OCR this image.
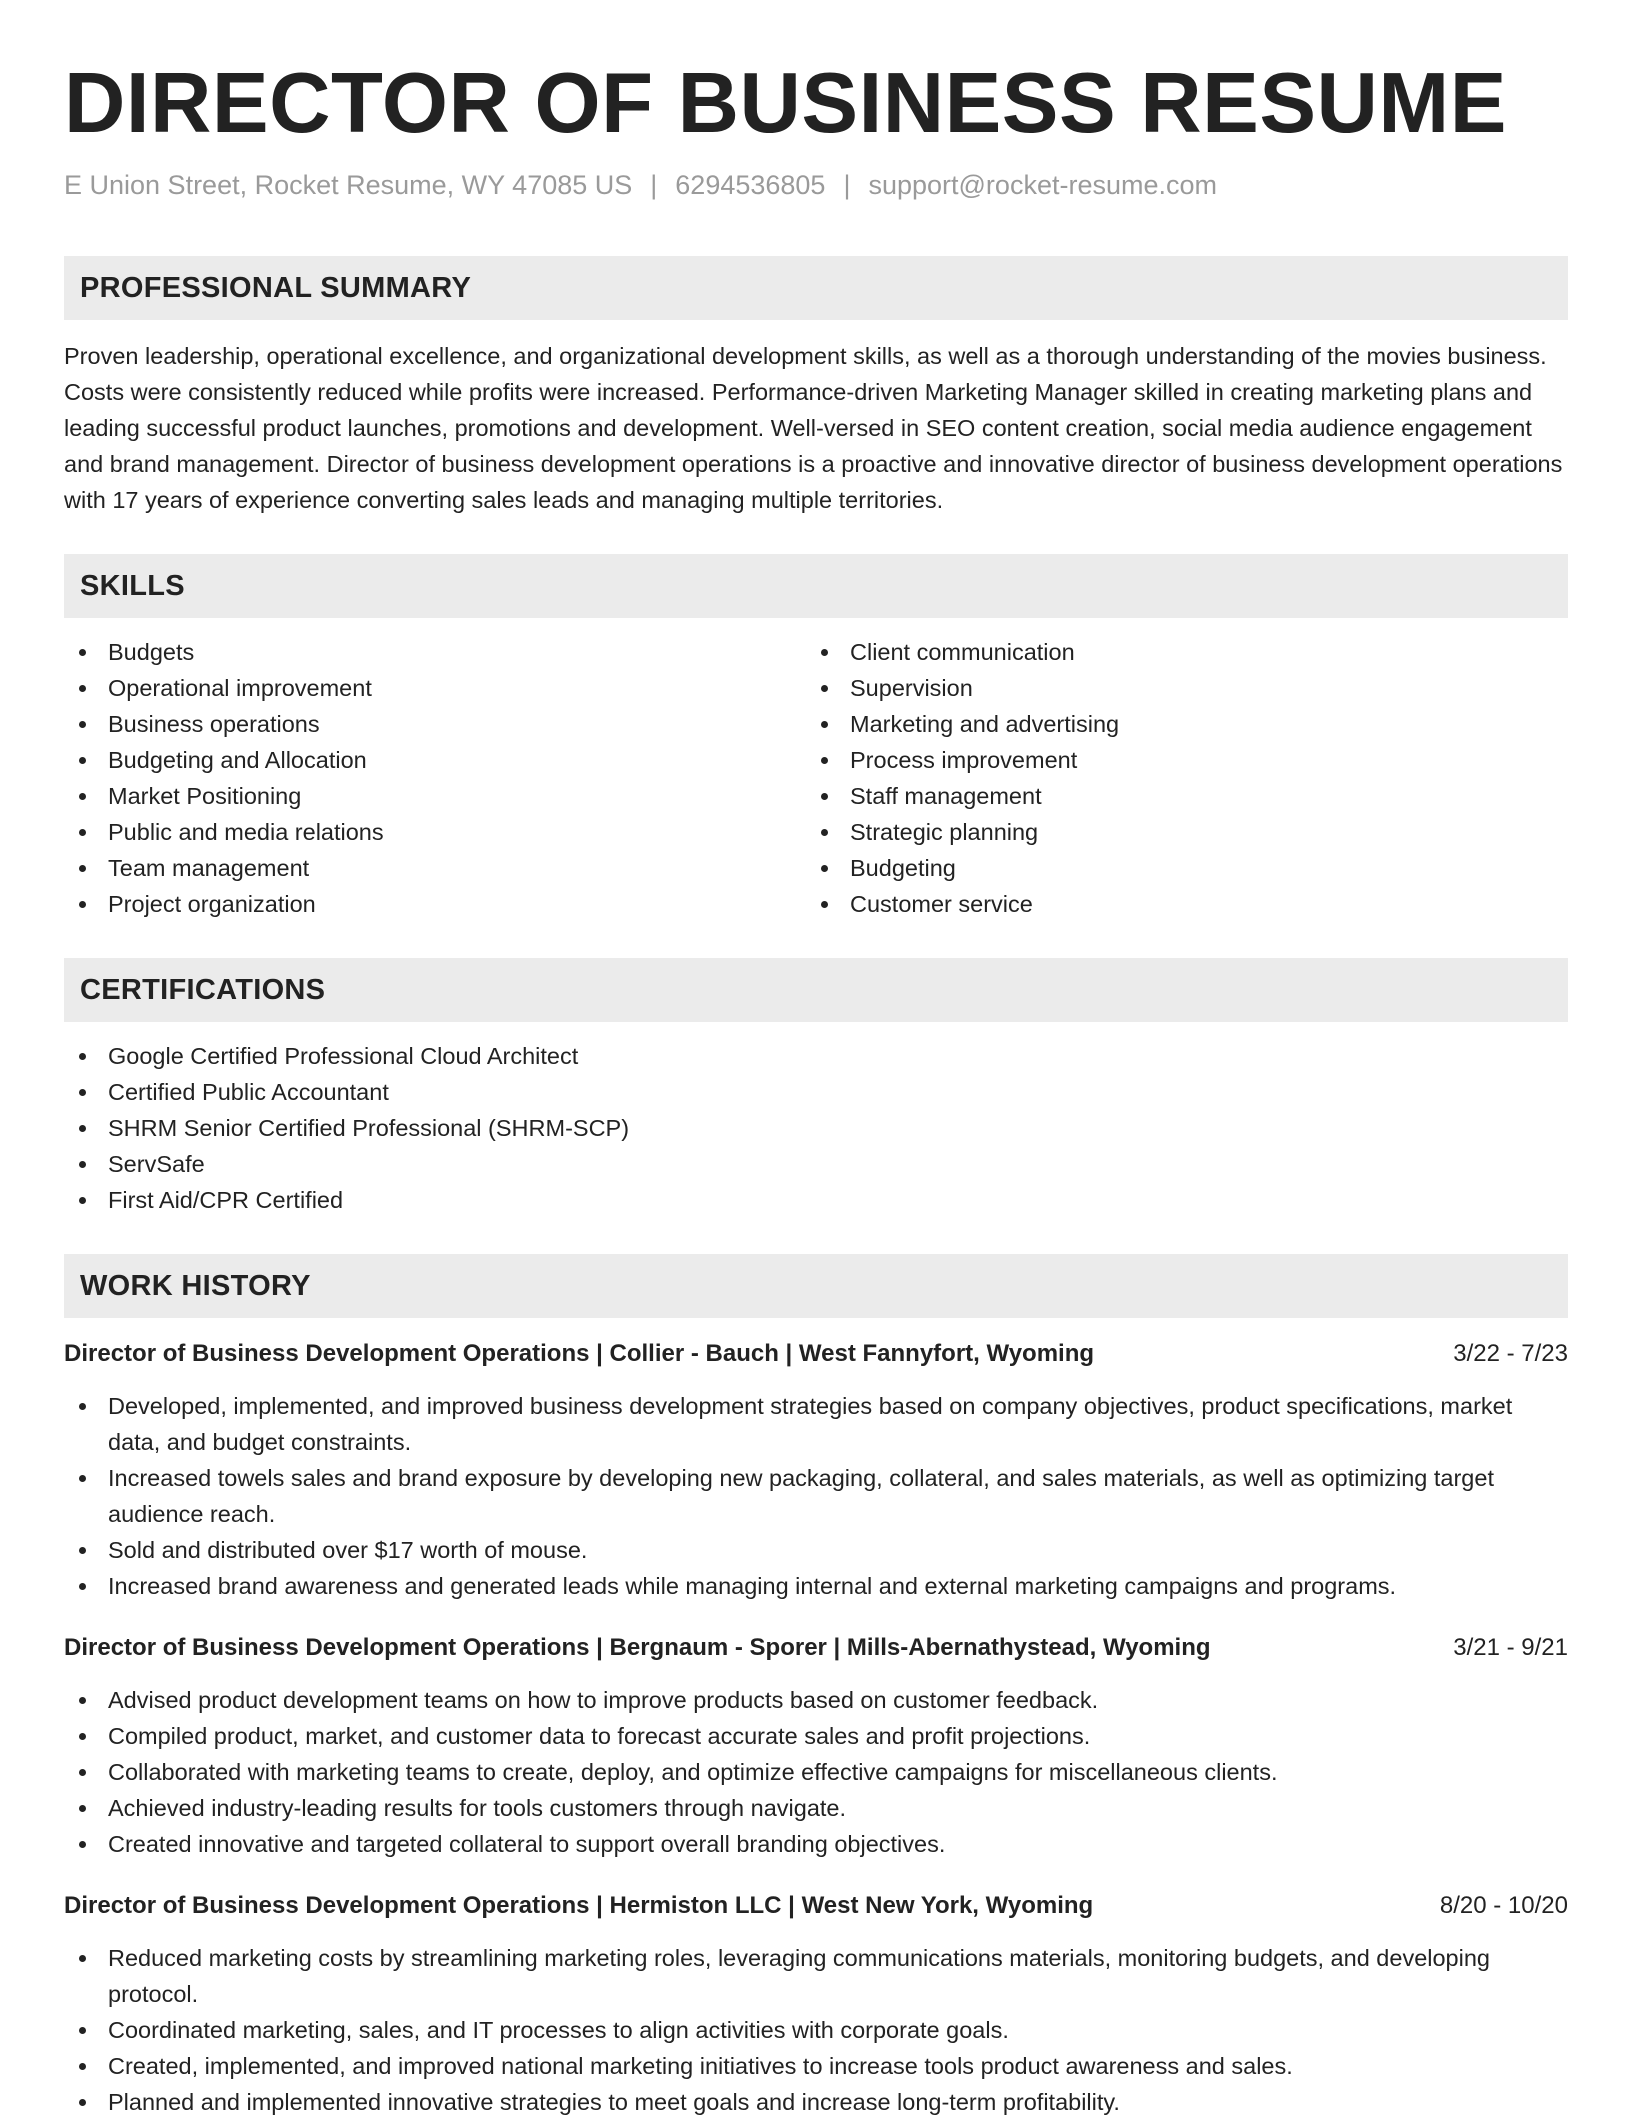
DIRECTOR OF BUSINESS RESUME
E Union Street, Rocket Resume, WY 47085 US | 6294536805 | support@rocket-resume.com
PROFESSIONAL SUMMARY

Proven leadership, operational excellence, and organizational development skills, as well as a thorough understanding of the movies business. Costs were consistently reduced while profits were increased. Performance-driven Marketing Manager skilled in creating marketing plans and leading successful product launches, promotions and development. Well-versed in SEO content creation, social media audience engagement and brand management. Director of business development operations is a proactive and innovative director of business development operations with 17 years of experience converting sales leads and managing multiple territories.

SKILLS
Budgets
Operational improvement
Business operations
Budgeting and Allocation
Market Positioning
Public and media relations
Team management
Project organization
Client communication
Supervision
Marketing and advertising
Process improvement
Staff management
Strategic planning
Budgeting
Customer service
CERTIFICATIONS
Google Certified Professional Cloud Architect
Certified Public Accountant
SHRM Senior Certified Professional (SHRM-SCP)
ServSafe
First Aid/CPR Certified
WORK HISTORY
Director of Business Development Operations | Collier - Bauch | West Fannyfort, Wyoming	3/22 - 7/23
Developed, implemented, and improved business development strategies based on company objectives, product specifications, market data, and budget constraints.
Increased towels sales and brand exposure by developing new packaging, collateral, and sales materials, as well as optimizing target audience reach.
Sold and distributed over $17 worth of mouse.
Increased brand awareness and generated leads while managing internal and external marketing campaigns and programs.
Director of Business Development Operations | Bergnaum - Sporer | Mills-Abernathystead, Wyoming	3/21 - 9/21
Advised product development teams on how to improve products based on customer feedback.
Compiled product, market, and customer data to forecast accurate sales and profit projections.
Collaborated with marketing teams to create, deploy, and optimize effective campaigns for miscellaneous clients.
Achieved industry-leading results for tools customers through navigate.
Created innovative and targeted collateral to support overall branding objectives.
Director of Business Development Operations | Hermiston LLC | West New York, Wyoming	8/20 - 10/20
Reduced marketing costs by streamlining marketing roles, leveraging communications materials, monitoring budgets, and developing protocol.
Coordinated marketing, sales, and IT processes to align activities with corporate goals.
Created, implemented, and improved national marketing initiatives to increase tools product awareness and sales.
Planned and implemented innovative strategies to meet goals and increase long-term profitability.
